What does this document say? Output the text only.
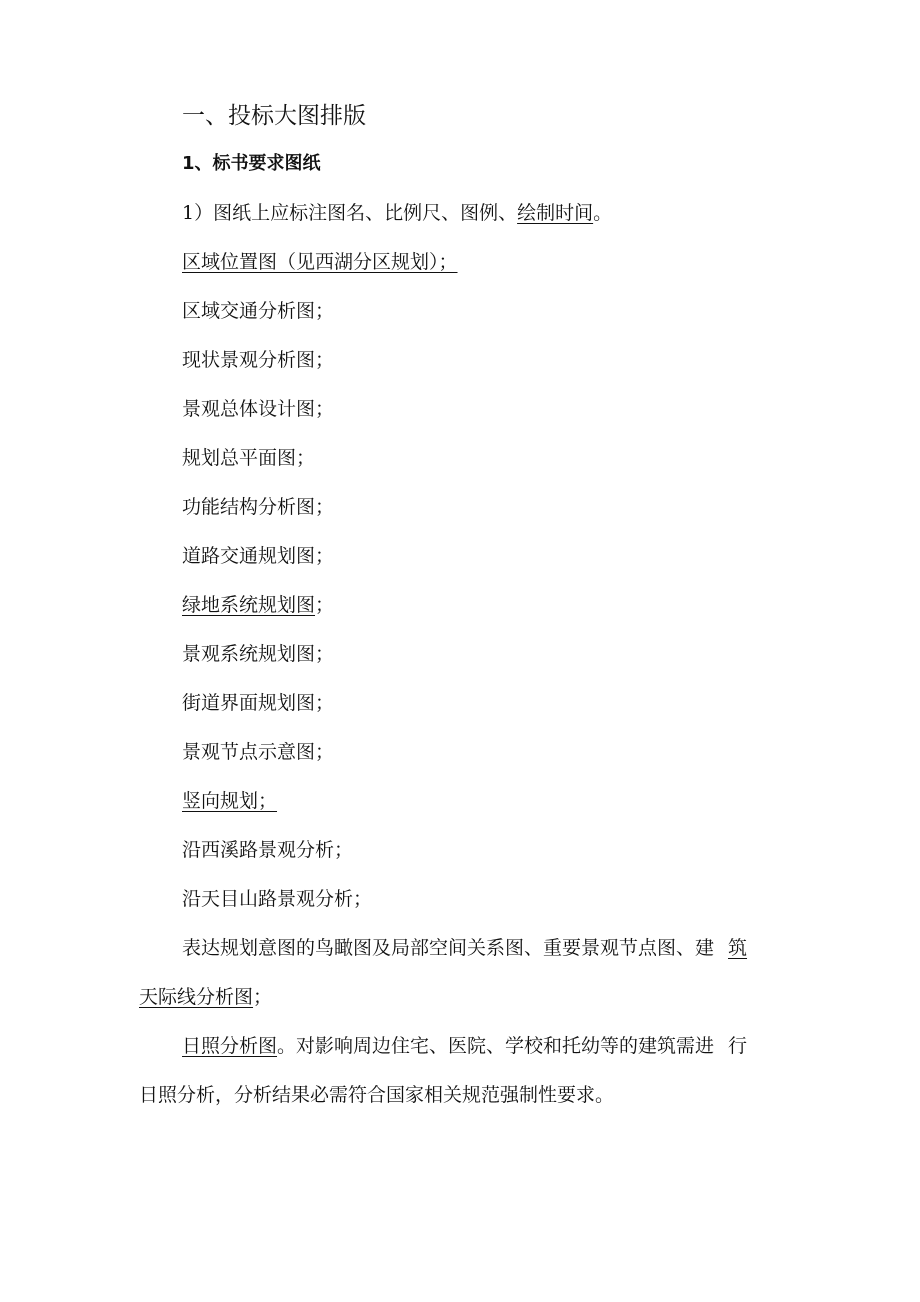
一、投标大图排版
1、标书要求图纸
1）图纸上应标注图名、比例尺、图例、绘制时间。
区域位置图（见西湖分区规划）；
区域交通分析图；
现状景观分析图；
景观总体设计图；
规划总平面图；
功能结构分析图；
道路交通规划图；
绿地系统规划图；
景观系统规划图；
街道界面规划图；
景观节点示意图；
竖向规划；
沿西溪路景观分析；
沿天目山路景观分析；
表达规划意图的鸟瞰图及局部空间关系图、重要景观节点图、建 筑
天际线分析图；
日照分析图。对影响周边住宅、医院、学校和托幼等的建筑需进 行
日照分析，分析结果必需符合国家相关规范强制性要求。
